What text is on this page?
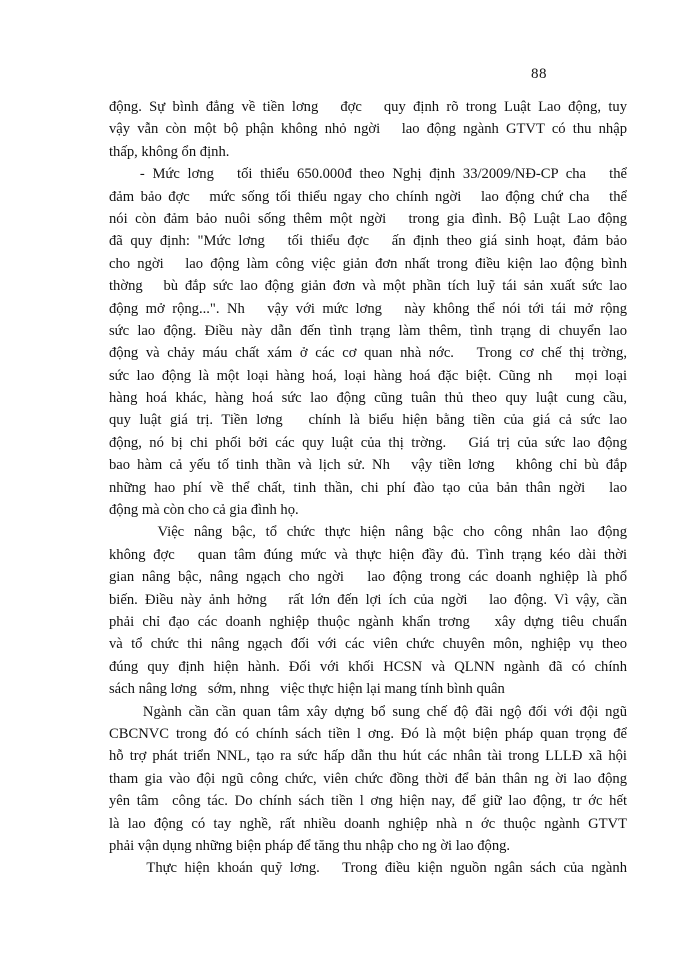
88
động. Sự bình đẳng về tiền lơng   đợc   quy định rõ trong Luật Lao động, tuy
vậy vẫn còn một bộ phận không nhỏ ngời   lao động ngành GTVT có thu nhập
thấp, không ổn định.
- Mức lơng   tối thiểu 650.000đ theo Nghị định 33/2009/NĐ-CP cha   thể
đảm bảo đợc   mức sống tối thiểu ngay cho chính ngời   lao động chứ cha   thể
nói còn đảm bảo nuôi sống thêm một ngời   trong gia đình. Bộ Luật Lao động
đã quy định: "Mức lơng   tối thiểu đợc   ấn định theo giá sinh hoạt, đảm bảo
cho ngời   lao động làm công việc giản đơn nhất trong điều kiện lao động bình
thờng   bù đắp sức lao động giản đơn và một phần tích luỹ tái sản xuất sức lao
động mở rộng...". Nh   vậy với mức lơng   này không thể nói tới tái mở rộng
sức lao động. Điều này dẫn đến tình trạng làm thêm, tình trạng di chuyển lao
động và chảy máu chất xám ở các cơ quan nhà nớc.   Trong cơ chế thị trờng,
sức lao động là một loại hàng hoá, loại hàng hoá đặc biệt. Cũng nh   mọi loại
hàng hoá khác, hàng hoá sức lao động cũng tuân thủ theo quy luật cung cầu,
quy luật giá trị. Tiền lơng   chính là biểu hiện bằng tiền của giá cả sức lao
động, nó bị chi phối bởi các quy luật của thị trờng.   Giá trị của sức lao động
bao hàm cả yếu tố tinh thần và lịch sử. Nh   vậy tiền lơng   không chỉ bù đắp
những hao phí về thể chất, tinh thần, chi phí đào tạo của bản thân ngời   lao
động mà còn cho cả gia đình họ.
Việc nâng bậc, tổ chức thực hiện nâng bậc cho công nhân lao động
không đợc   quan tâm đúng mức và thực hiện đầy đủ. Tình trạng kéo dài thời
gian nâng bậc, nâng ngạch cho ngời   lao động trong các doanh nghiệp là phổ
biến. Điều này ảnh hởng   rất lớn đến lợi ích của ngời   lao động. Vì vậy, cần
phải chỉ đạo các doanh nghiệp thuộc ngành khẩn trơng   xây dựng tiêu chuẩn
và tổ chức thi nâng ngạch đối với các viên chức chuyên môn, nghiệp vụ theo
đúng quy định hiện hành. Đối với khối HCSN và QLNN ngành đã có chính
sách nâng lơng   sớm, nhng   việc thực hiện lại mang tính bình quân
Ngành cần cần quan tâm xây dựng bổ sung chế độ đãi ngộ đối với đội ngũ
CBCNVC trong đó có chính sách tiền l ơng. Đó là một biện pháp quan trọng để
hỗ trợ phát triển NNL, tạo ra sức hấp dẫn thu hút các nhân tài trong LLLĐ xã hội
tham gia vào đội ngũ công chức, viên chức đồng thời để bản thân ng ời lao động
yên tâm  công tác. Do chính sách tiền l ơng hiện nay, để giữ lao động, tr ớc hết
là lao động có tay nghề, rất nhiều doanh nghiệp nhà n ớc thuộc ngành GTVT
phải vận dụng những biện pháp để tăng thu nhập cho ng ời lao động.
Thực hiện khoán quỹ lơng.   Trong điều kiện nguồn ngân sách của ngành
